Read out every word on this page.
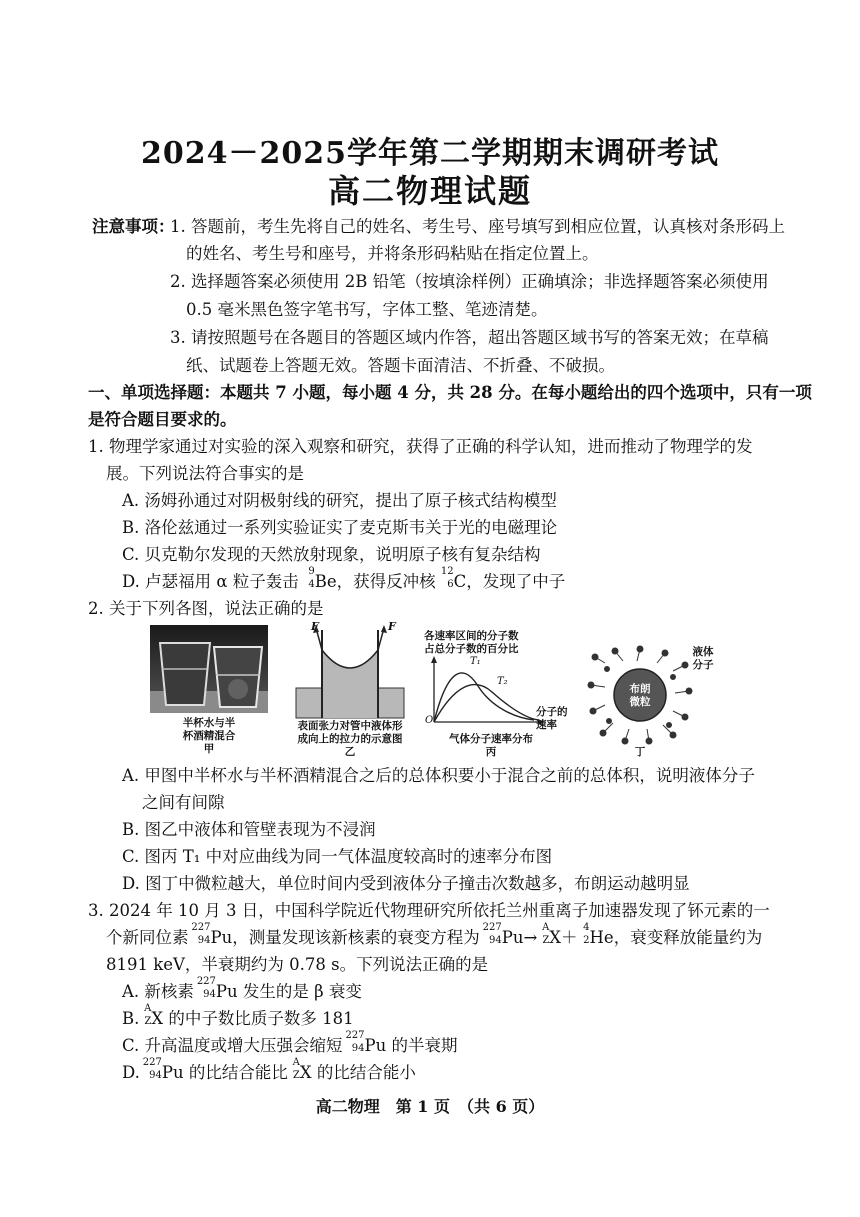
2024－2025学年第二学期期末调研考试
高二物理试题
注意事项：
1. 答题前，考生先将自己的姓名、考生号、座号填写到相应位置，认真核对条形码上
的姓名、考生号和座号，并将条形码粘贴在指定位置上。
2. 选择题答案必须使用 2B 铅笔（按填涂样例）正确填涂；非选择题答案必须使用
0.5 毫米黑色签字笔书写，字体工整、笔迹清楚。
3. 请按照题号在各题目的答题区域内作答，超出答题区域书写的答案无效；在草稿
纸、试题卷上答题无效。答题卡面清洁、不折叠、不破损。
一、单项选择题：本题共 7 小题，每小题 4 分，共 28 分。在每小题给出的四个选项中，只有一项
是符合题目要求的。
1. 物理学家通过对实验的深入观察和研究，获得了正确的科学认知，进而推动了物理学的发
展。下列说法符合事实的是
A. 汤姆孙通过对阴极射线的研究，提出了原子核式结构模型
B. 洛伦兹通过一系列实验证实了麦克斯韦关于光的电磁理论
C. 贝克勒尔发现的天然放射现象，说明原子核有复杂结构
D. 卢瑟福用 α 粒子轰击
9
4 Be，获得反冲核
12
6 C，发现了中子
2. 关于下列各图，说法正确的是
半杯水与半
杯酒精混合
甲
F	F
表面张力对管中液体形
成向上的拉力的示意图
乙
各速率区间的分子数
占总分子数的百分比
T₁
T₂
O
分子的
速率
气体分子速率分布
丙
布朗
微粒
液体
分子
丁
A. 甲图中半杯水与半杯酒精混合之后的总体积要小于混合之前的总体积，说明液体分子
之间有间隙
B. 图乙中液体和管壁表现为不浸润
C. 图丙 T₁ 中对应曲线为同一气体温度较高时的速率分布图
D. 图丁中微粒越大，单位时间内受到液体分子撞击次数越多，布朗运动越明显
3. 2024 年 10 月 3 日，中国科学院近代物理研究所依托兰州重离子加速器发现了钚元素的一
个新同位素
227
94 Pu，测量发现该新核素的衰变方程为
227
94 Pu→
A
Z X＋
4
2 He，衰变释放能量约为
8191 keV，半衰期约为 0.78 s。下列说法正确的是
A. 新核素
227
94 Pu 发生的是 β 衰变
B.
A
Z X 的中子数比质子数多 181
C. 升高温度或增大压强会缩短
227
94 Pu 的半衰期
D.
227
94 Pu 的比结合能比
A
Z X 的比结合能小
高二物理　第 1 页　（共 6 页）
